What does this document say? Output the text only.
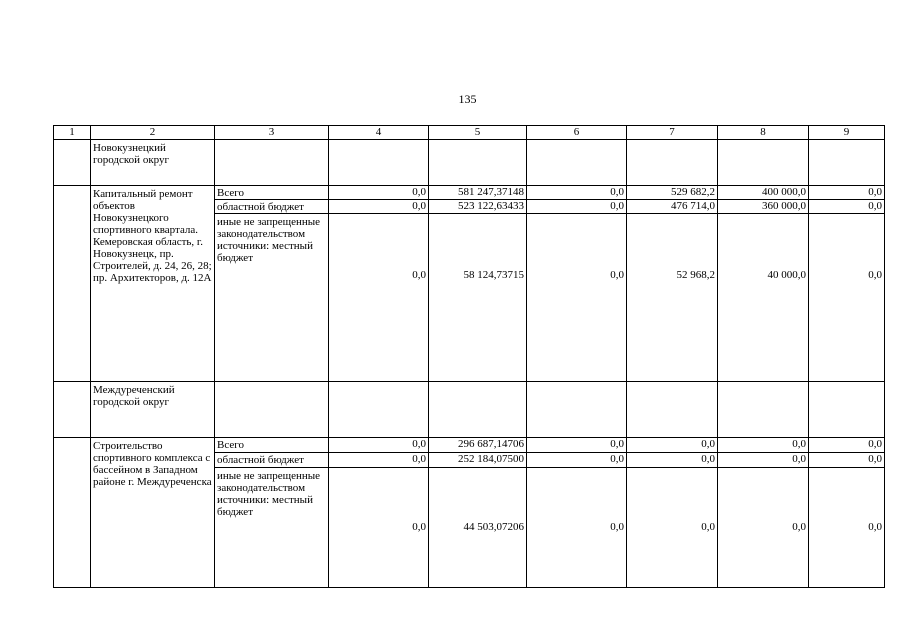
135
1	2	3	4	5	6	7	8	9
	Новокузнецкий городской округ							
	Капитальный ремонт объектов Новокузнецкого спортивного квартала. Кемеровская область, г. Новокузнецк, пр. Строителей, д. 24, 26, 28; пр. Архитекторов, д. 12А	Всего	0,0	581 247,37148	0,0	529 682,2	400 000,0	0,0
		областной бюджет	0,0	523 122,63433	0,0	476 714,0	360 000,0	0,0
		иные не запрещенные законодательством источники: местный бюджет	0,0	58 124,73715	0,0	52 968,2	40 000,0	0,0
	Междуреченский городской округ							
	Строительство спортивного комплекса с бассейном в Западном районе г. Междуреченска	Всего	0,0	296 687,14706	0,0	0,0	0,0	0,0
		областной бюджет	0,0	252 184,07500	0,0	0,0	0,0	0,0
		иные не запрещенные законодательством источники: местный бюджет	0,0	44 503,07206	0,0	0,0	0,0	0,0
